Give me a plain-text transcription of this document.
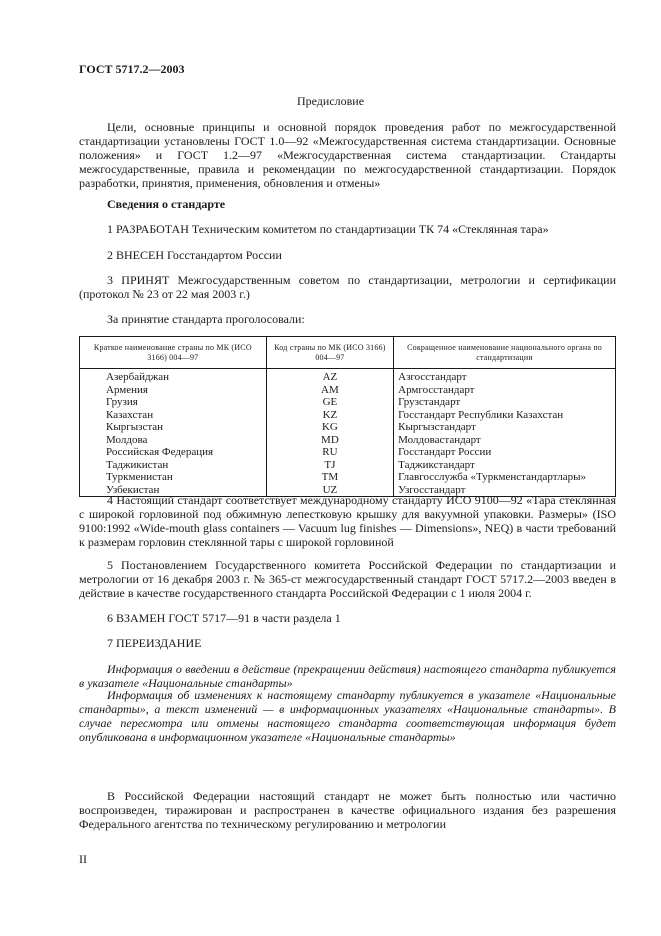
ГОСТ 5717.2—2003
Предисловие
Цели, основные принципы и основной порядок проведения работ по межгосударственной стандартизации установлены ГОСТ 1.0—92 «Межгосударственная система стандартизации. Основные положения» и ГОСТ 1.2—97 «Межгосударственная система стандартизации. Стандарты межгосударственные, правила и рекомендации по межгосударственной стандартизации. Порядок разработки, принятия, применения, обновления и отмены»
Сведения о стандарте
1 РАЗРАБОТАН Техническим комитетом по стандартизации ТК 74 «Стеклянная тара»
2 ВНЕСЕН Госстандартом России
3 ПРИНЯТ Межгосударственным советом по стандартизации, метрологии и сертификации (протокол № 23 от 22 мая 2003 г.)
За принятие стандарта проголосовали:
Краткое наименование страны по МК (ИСО 3166) 004—97	Код страны по МК (ИСО 3166) 004—97	Сокращенное наименование национального органа по стандартизации
Азербайджан	AZ	Азгосстандарт
Армения	AM	Армгосстандарт
Грузия	GE	Грузстандарт
Казахстан	KZ	Госстандарт Республики Казахстан
Кыргызстан	KG	Кыргызстандарт
Молдова	MD	Молдовастандарт
Российская Федерация	RU	Госстандарт России
Таджикистан	TJ	Таджикстандарт
Туркменистан	TM	Главгосслужба «Туркменстандартлары»
Узбекистан	UZ	Узгосстандарт
4 Настоящий стандарт соответствует международному стандарту ИСО 9100—92 «Тара стеклянная с широкой горловиной под обжимную лепестковую крышку для вакуумной упаковки. Размеры» (ISO 9100:1992 «Wide-mouth glass containers — Vacuum lug finishes — Dimensions», NEQ) в части требований к размерам горловин стеклянной тары с широкой горловиной
5 Постановлением Государственного комитета Российской Федерации по стандартизации и метрологии от 16 декабря 2003 г. № 365-ст межгосударственный стандарт ГОСТ 5717.2—2003 введен в действие в качестве государственного стандарта Российской Федерации с 1 июля 2004 г.
6 ВЗАМЕН ГОСТ 5717—91 в части раздела 1
7 ПЕРЕИЗДАНИЕ
Информация о введении в действие (прекращении действия) настоящего стандарта публикуется в указателе «Национальные стандарты»
Информация об изменениях к настоящему стандарту публикуется в указателе «Национальные стандарты», а текст изменений — в информационных указателях «Национальные стандарты». В случае пересмотра или отмены настоящего стандарта соответствующая информация будет опубликована в информационном указателе «Национальные стандарты»
В Российской Федерации настоящий стандарт не может быть полностью или частично воспроизведен, тиражирован и распространен в качестве официального издания без разрешения Федерального агентства по техническому регулированию и метрологии
II
